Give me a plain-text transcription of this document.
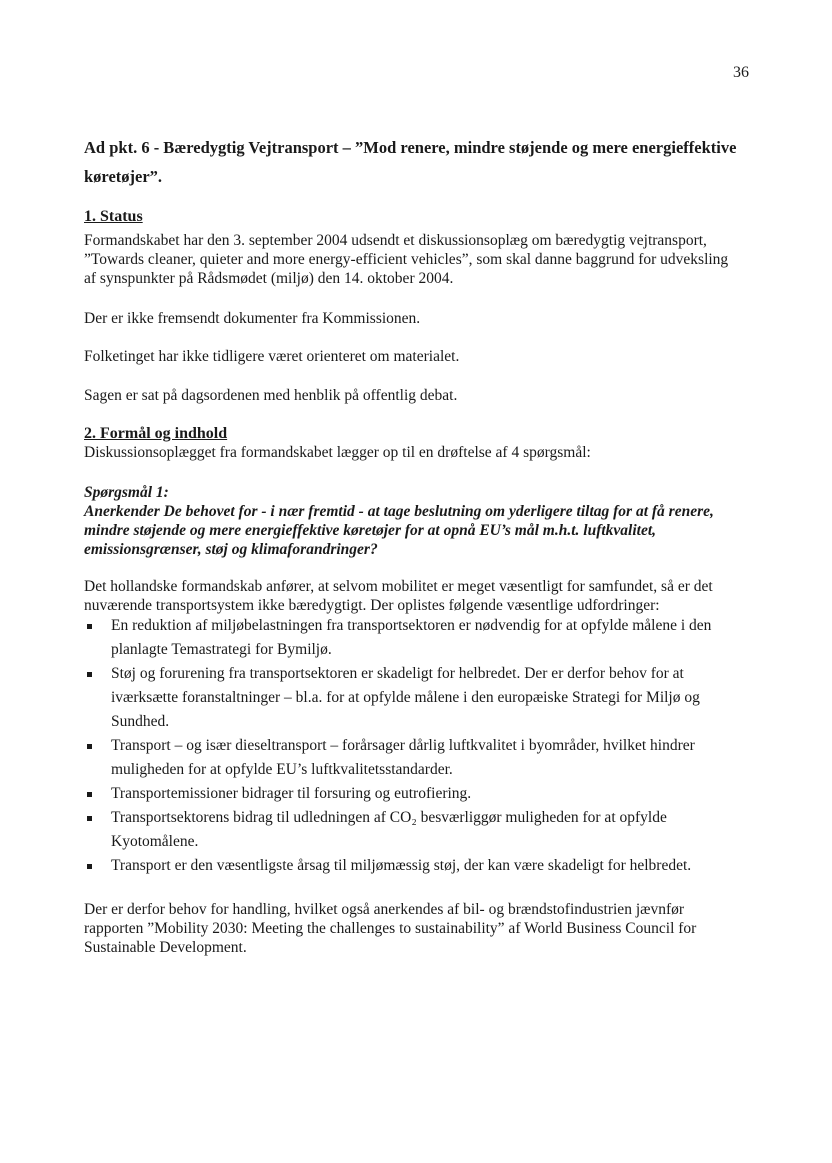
36
Ad pkt. 6 - Bæredygtig Vejtransport – ”Mod renere, mindre støjende og mere energieffektive køretøjer”.
1. Status
Formandskabet har den 3. september 2004 udsendt et diskussionsoplæg om bæredygtig vejtransport, ”Towards cleaner, quieter and more energy-efficient vehicles”, som skal danne baggrund for udveksling af synspunkter på Rådsmødet (miljø) den 14. oktober 2004.
Der er ikke fremsendt dokumenter fra Kommissionen.
Folketinget har ikke tidligere været orienteret om materialet.
Sagen er sat på dagsordenen med henblik på offentlig debat.
2. Formål og indhold
Diskussionsoplægget fra formandskabet lægger op til en drøftelse af 4 spørgsmål:
Spørgsmål 1:
Anerkender De behovet for - i nær fremtid - at tage beslutning om yderligere tiltag for at få renere, mindre støjende og mere energieffektive køretøjer for at opnå EU’s mål m.h.t. luftkvalitet, emissionsgrænser, støj og klimaforandringer?
Det hollandske formandskab anfører, at selvom mobilitet er meget væsentligt for samfundet, så er det nuværende transportsystem ikke bæredygtigt. Der oplistes følgende væsentlige udfordringer:
En reduktion af miljøbelastningen fra transportsektoren er nødvendig for at opfylde målene i den planlagte Temastrategi for Bymiljø.
Støj og forurening fra transportsektoren er skadeligt for helbredet. Der er derfor behov for at iværksætte foranstaltninger – bl.a. for at opfylde målene i den europæiske Strategi for Miljø og Sundhed.
Transport – og især dieseltransport – forårsager dårlig luftkvalitet i byområder, hvilket hindrer muligheden for at opfylde EU’s luftkvalitetsstandarder.
Transportemissioner bidrager til forsuring og eutrofiering.
Transportsektorens bidrag til udledningen af CO₂ besværliggør muligheden for at opfylde Kyotomålene.
Transport er den væsentligste årsag til miljømæssig støj, der kan være skadeligt for helbredet.
Der er derfor behov for handling, hvilket også anerkendes af bil- og brændstofindustrien jævnfør rapporten ”Mobility 2030: Meeting the challenges to sustainability” af World Business Council for Sustainable Development.
